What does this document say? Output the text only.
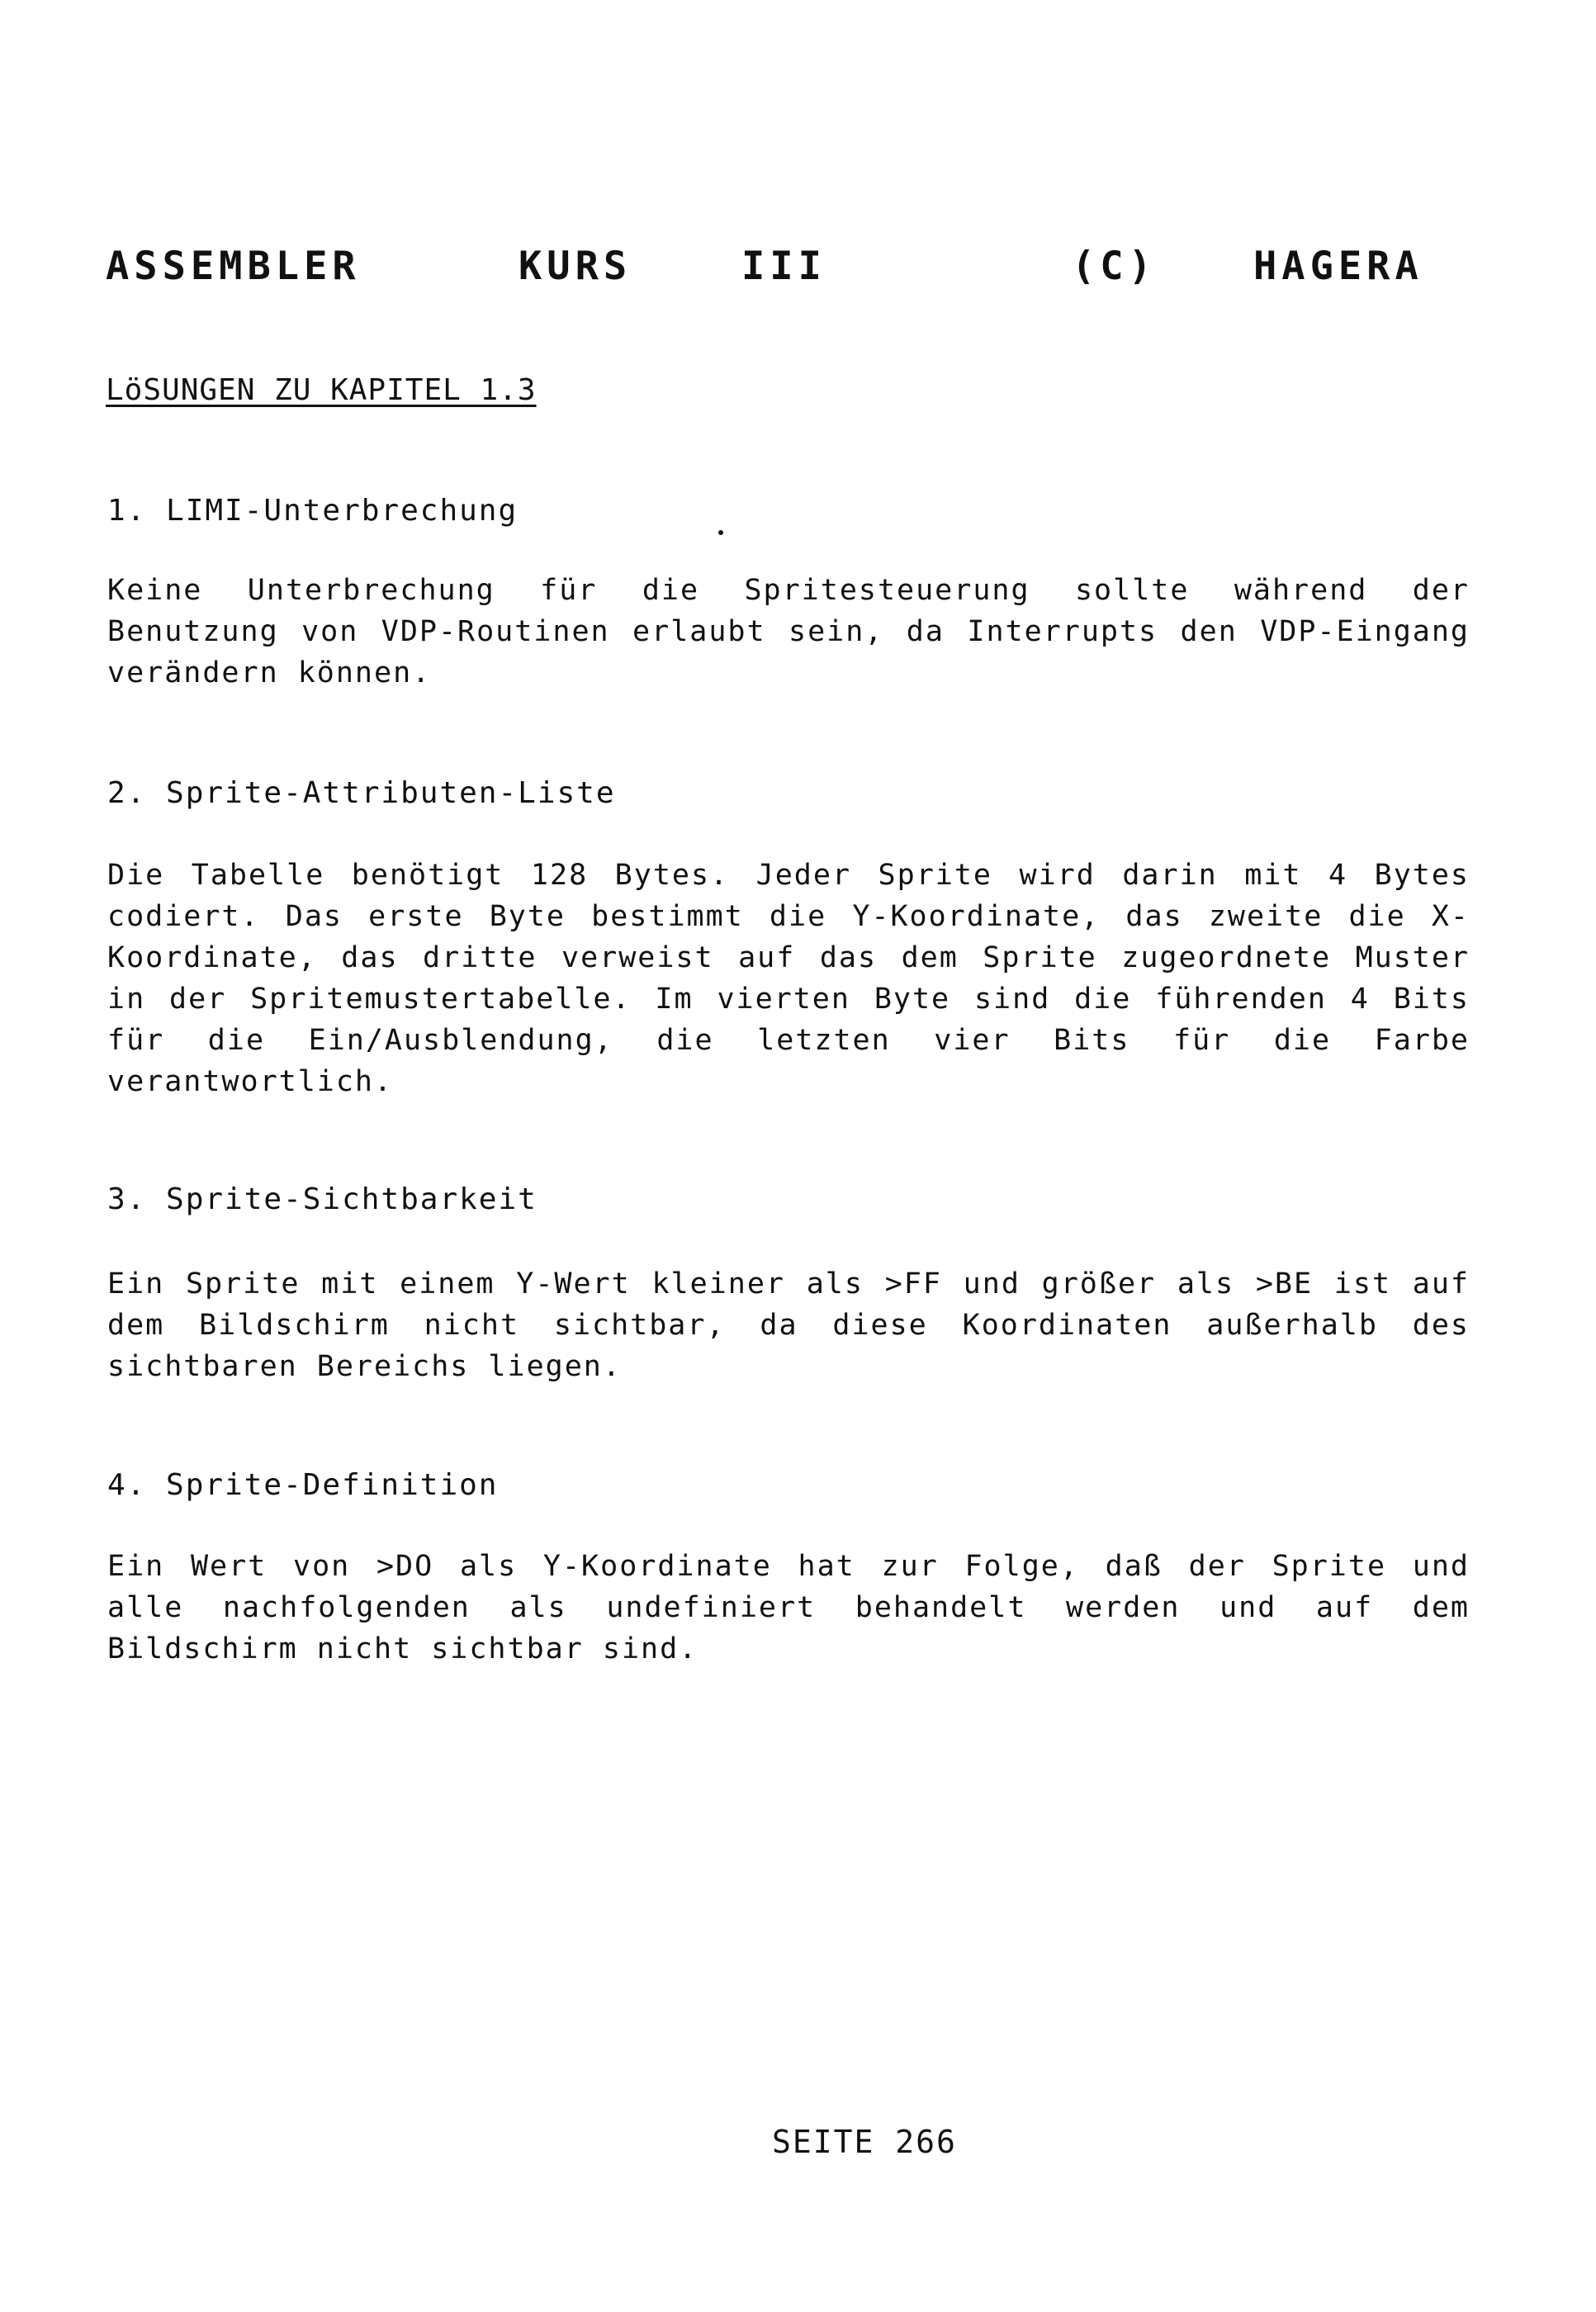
ASSEMBLER

	KURS

	III

	(C)

HAGERA

LöSUNGEN ZU KAPITEL 1.3
1. LIMI-Unterbrechung
Keine Unterbrechung für die Spritesteuerung sollte während der Benutzung von VDP-Routinen erlaubt sein, da Interrupts den VDP-Eingang verändern können.
2. Sprite-Attributen-Liste
Die Tabelle benötigt 128 Bytes. Jeder Sprite wird darin mit 4 Bytes codiert. Das erste Byte bestimmt die Y-Koordinate, das zweite die X-Koordinate, das dritte verweist auf das dem Sprite zugeordnete Muster in der Spritemustertabelle. Im vierten Byte sind die führenden 4 Bits für die Ein/Ausblendung, die letzten vier Bits für die Farbe verantwortlich.
3. Sprite-Sichtbarkeit
Ein Sprite mit einem Y-Wert kleiner als >FF und größer als >BE ist auf dem Bildschirm nicht sichtbar, da diese Koordinaten außerhalb des sichtbaren Bereichs liegen.
4. Sprite-Definition
Ein Wert von >DO als Y-Koordinate hat zur Folge, daß der Sprite und alle nachfolgenden als undefiniert behandelt werden und auf dem Bildschirm nicht sichtbar sind.
SEITE 266
